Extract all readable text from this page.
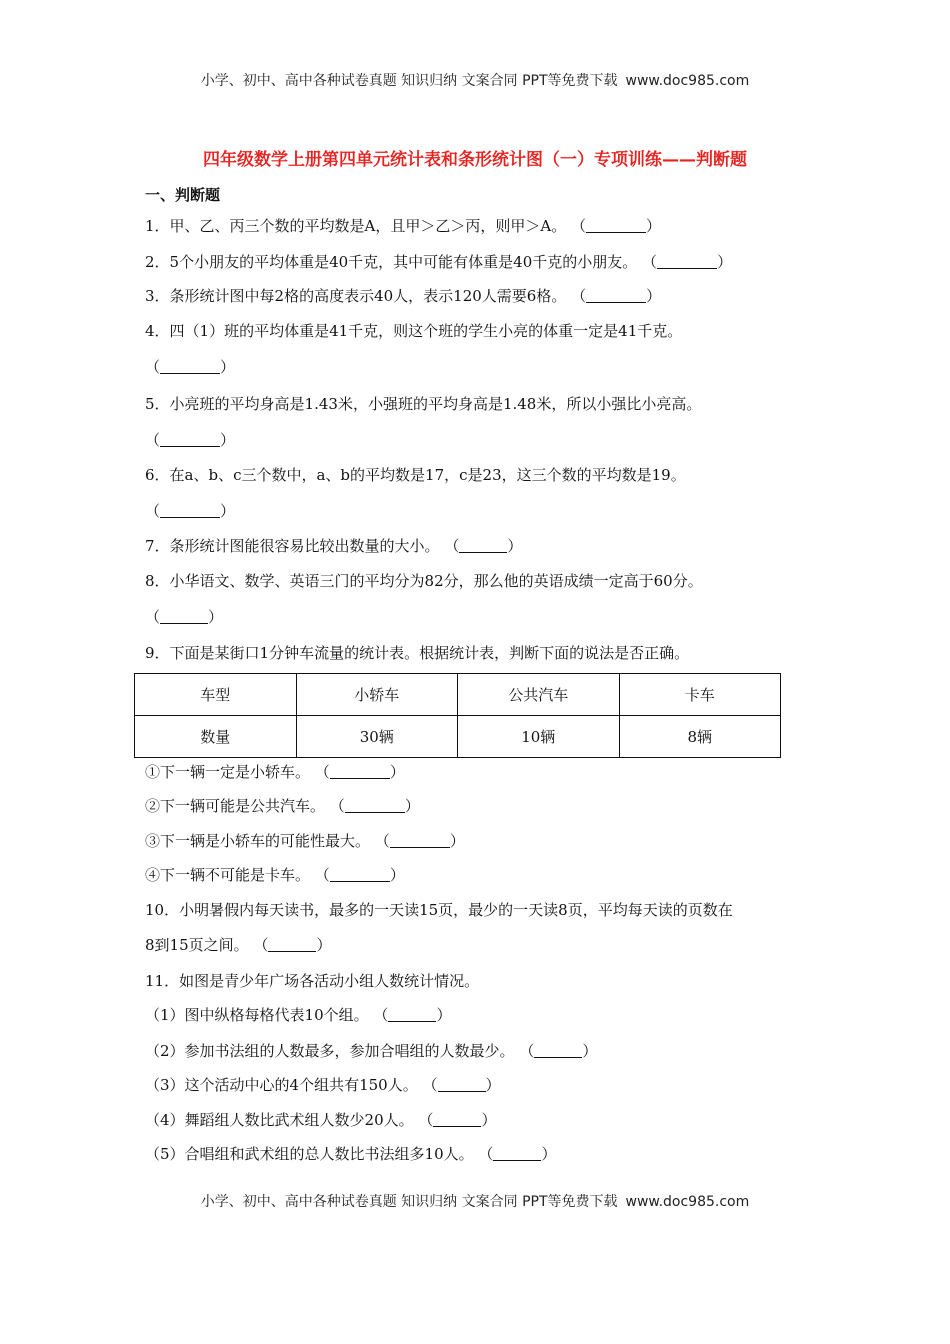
小学、初中、高中各种试卷真题 知识归纳 文案合同 PPT等免费下载 www.doc985.com
四年级数学上册第四单元统计表和条形统计图（一）专项训练——判断题
一、判断题
1．甲、乙、丙三个数的平均数是A，且甲＞乙＞丙，则甲＞A。 （	）
2．5个小朋友的平均体重是40千克，其中可能有体重是40千克的小朋友。 （	）
3．条形统计图中每2格的高度表示40人，表示120人需要6格。 （	）
4．四（1）班的平均体重是41千克，则这个班的学生小亮的体重一定是41千克。
（	）
5．小亮班的平均身高是1.43米，小强班的平均身高是1.48米，所以小强比小亮高。
（	）
6．在a、b、c三个数中，a、b的平均数是17，c是23，这三个数的平均数是19。
（	）
7．条形统计图能很容易比较出数量的大小。 （	）
8．小华语文、数学、英语三门的平均分为82分，那么他的英语成绩一定高于60分。
（	）
9．下面是某街口1分钟车流量的统计表。根据统计表，判断下面的说法是否正确。
车型	小轿车	公共汽车	卡车
数量	30辆	10辆	8辆
①下一辆一定是小轿车。 （	）
②下一辆可能是公共汽车。 （	）
③下一辆是小轿车的可能性最大。 （	）
④下一辆不可能是卡车。 （	）
10．小明暑假内每天读书，最多的一天读15页，最少的一天读8页，平均每天读的页数在
8到15页之间。 （	）
11．如图是青少年广场各活动小组人数统计情况。
（1）图中纵格每格代表10个组。 （	）
（2）参加书法组的人数最多，参加合唱组的人数最少。 （	）
（3）这个活动中心的4个组共有150人。 （	）
（4）舞蹈组人数比武术组人数少20人。 （	）
（5）合唱组和武术组的总人数比书法组多10人。 （	）
小学、初中、高中各种试卷真题 知识归纳 文案合同 PPT等免费下载 www.doc985.com
